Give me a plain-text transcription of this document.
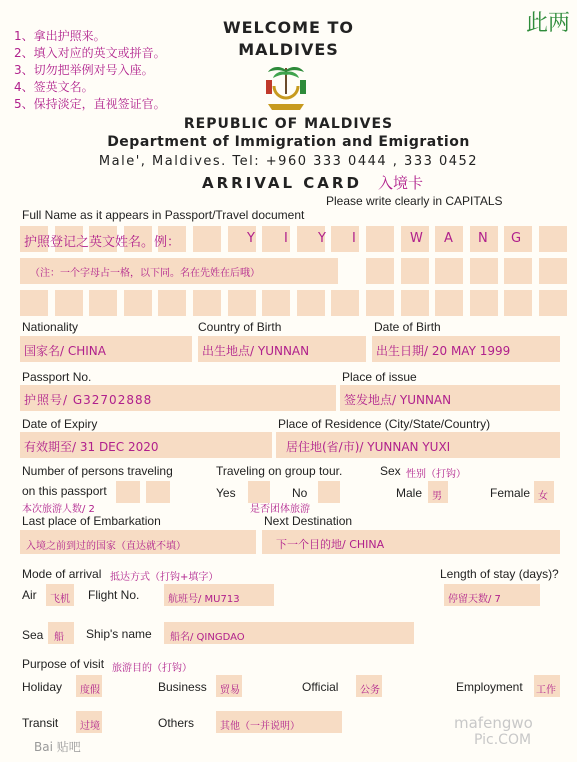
1、拿出护照来。
2、填入对应的英文或拼音。
3、切勿把举例对号入座。
4、签英文名。
5、保持淡定，直视签证官。
此两
WELCOME TO
MALDIVES
REPUBLIC OF MALDIVES
Department of Immigration and Emigration
Male', Maldives. Tel: +960 333 0444 , 333 0452
ARRIVAL CARD 入境卡
Please write clearly in CAPITALS
Full Name as it appears in Passport/Travel document
护照登记之英文姓名。例：	Y I Y I	W A N G
（注：一个字母占一格，以下同。名在先姓在后哦）
Nationality
国家名/ CHINA
Country of Birth
出生地点/ YUNNAN
Date of Birth
出生日期/ 20 MAY 1999
Passport No.
护照号/ G32702888
Place of issue
签发地点/ YUNNAN
Date of Expiry
有效期至/ 31 DEC 2020
Place of Residence (City/State/Country)
居住地(省/市)/ YUNNAN YUXI
Number of persons traveling
on this passport
本次旅游人数/ 2
Traveling on group tour.
Yes	No
是否团体旅游
Sex 性别（打钩）
Male 男	Female 女
Last place of Embarkation
入境之前到过的国家（直达就不填）
Next Destination
下一个目的地/ CHINA
Mode of arrival 抵达方式（打钩+填字）	Length of stay (days)?
Air 飞机 Flight No.	航班号/ MU713	停留天数/ 7
Sea 船 Ship's name 船名/ QINGDAO
Purpose of visit 旅游目的（打钩）
Holiday 度假	Business 贸易	Official 公务	Employment 工作
Transit 过境	Others	其他（一并说明）
Bai 贴吧
mafengwo
Pic.COM
